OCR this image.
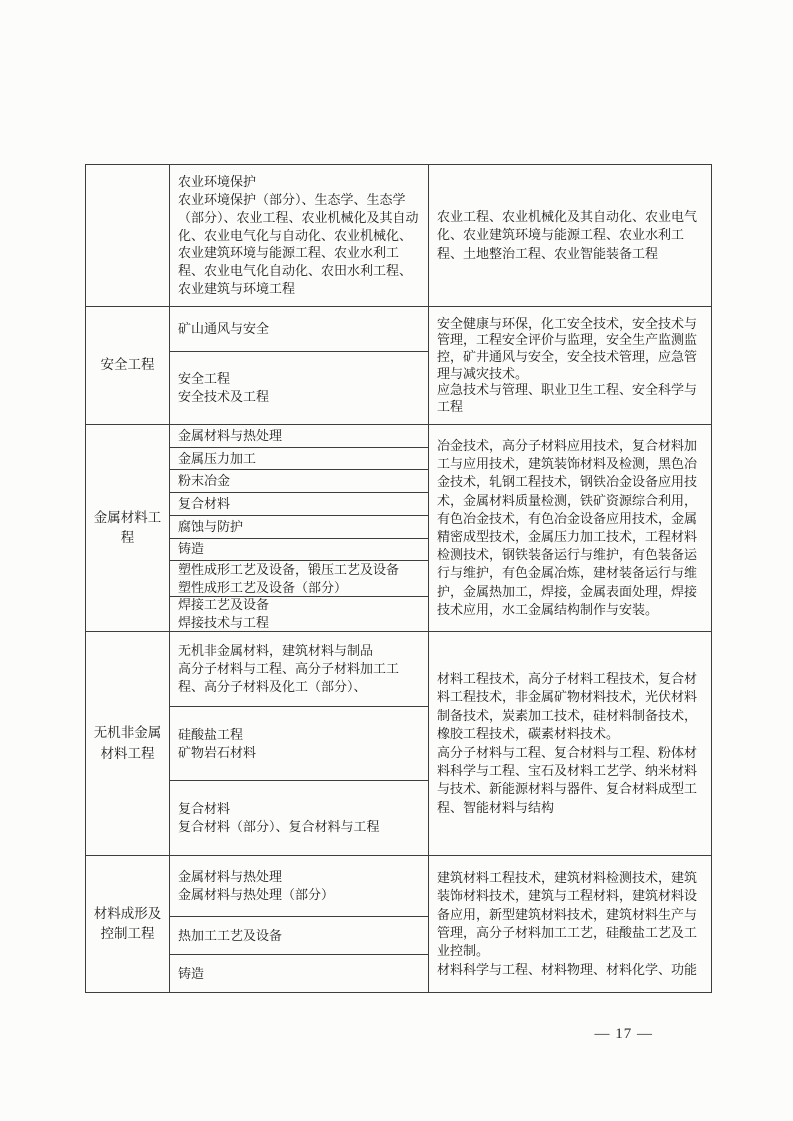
农业环境保护
农业环境保护（部分）、生态学、生态学（部分）、农业工程、农业机械化及其自动化、农业电气化与自动化、农业机械化、农业建筑环境与能源工程、农业水利工程、农业电气化自动化、农田水利工程、农业建筑与环境工程
农业工程、农业机械化及其自动化、农业电气化、农业建筑环境与能源工程、农业水利工程、土地整治工程、农业智能装备工程
安全工程
矿山通风与安全
安全工程
安全技术及工程
安全健康与环保，化工安全技术，安全技术与管理，工程安全评价与监理，安全生产监测监控，矿井通风与安全，安全技术管理，应急管理与减灾技术。
应急技术与管理、职业卫生工程、安全科学与工程
金属材料工程
金属材料与热处理
金属压力加工
粉末冶金
复合材料
腐蚀与防护
铸造
塑性成形工艺及设备，锻压工艺及设备
塑性成形工艺及设备（部分）
焊接工艺及设备
焊接技术与工程
冶金技术，高分子材料应用技术，复合材料加工与应用技术，建筑装饰材料及检测，黑色冶金技术，轧钢工程技术，钢铁冶金设备应用技术，金属材料质量检测，铁矿资源综合利用，有色冶金技术，有色冶金设备应用技术，金属精密成型技术，金属压力加工技术，工程材料检测技术，钢铁装备运行与维护，有色装备运行与维护，有色金属冶炼，建材装备运行与维护，金属热加工，焊接，金属表面处理，焊接技术应用，水工金属结构制作与安装。
无机非金属材料工程
无机非金属材料，建筑材料与制品
高分子材料与工程、高分子材料加工工程、高分子材料及化工（部分）、
硅酸盐工程
矿物岩石材料
复合材料
复合材料（部分）、复合材料与工程
材料工程技术，高分子材料工程技术，复合材料工程技术，非金属矿物材料技术，光伏材料制备技术，炭素加工技术，硅材料制备技术，橡胶工程技术，碳素材料技术。
高分子材料与工程、复合材料与工程、粉体材料科学与工程、宝石及材料工艺学、纳米材料与技术、新能源材料与器件、复合材料成型工程、智能材料与结构
材料成形及控制工程
金属材料与热处理
金属材料与热处理（部分）
热加工工艺及设备
铸造
建筑材料工程技术，建筑材料检测技术，建筑装饰材料技术，建筑与工程材料，建筑材料设备应用，新型建筑材料技术，建筑材料生产与管理，高分子材料加工工艺，硅酸盐工艺及工业控制。
材料科学与工程、材料物理、材料化学、功能
— 17 —
